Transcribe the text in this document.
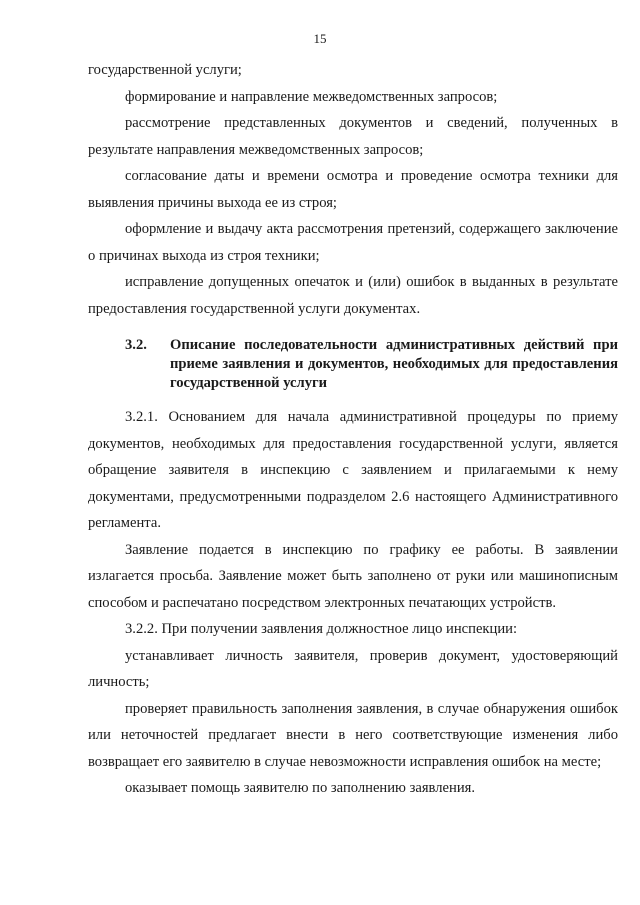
15

государственной услуги;

формирование и направление межведомственных запросов;

рассмотрение представленных документов и сведений, полученных в результате направления межведомственных запросов;

согласование даты и времени осмотра и проведение осмотра техники для выявления причины выхода ее из строя;

оформление и выдачу акта рассмотрения претензий, содержащего заключение о причинах выхода из строя техники;

исправление допущенных опечаток и (или) ошибок в выданных в результате предоставления государственной услуги документах.

3.2.	Описание последовательности административных действий при приеме заявления и документов, необходимых для предоставления государственной услуги

3.2.1. Основанием для начала административной процедуры по приему документов, необходимых для предоставления государственной услуги, является обращение заявителя в инспекцию с заявлением и прилагаемыми к нему документами, предусмотренными подразделом 2.6 настоящего Административного регламента.

Заявление подается в инспекцию по графику ее работы. В заявлении излагается просьба. Заявление может быть заполнено от руки или машинописным способом и распечатано посредством электронных печатающих устройств.

3.2.2. При получении заявления должностное лицо инспекции:

устанавливает личность заявителя, проверив документ, удостоверяющий личность;

проверяет правильность заполнения заявления, в случае обнаружения ошибок или неточностей предлагает внести в него соответствующие изменения либо возвращает его заявителю в случае невозможности исправления ошибок на месте;

оказывает помощь заявителю по заполнению заявления.
